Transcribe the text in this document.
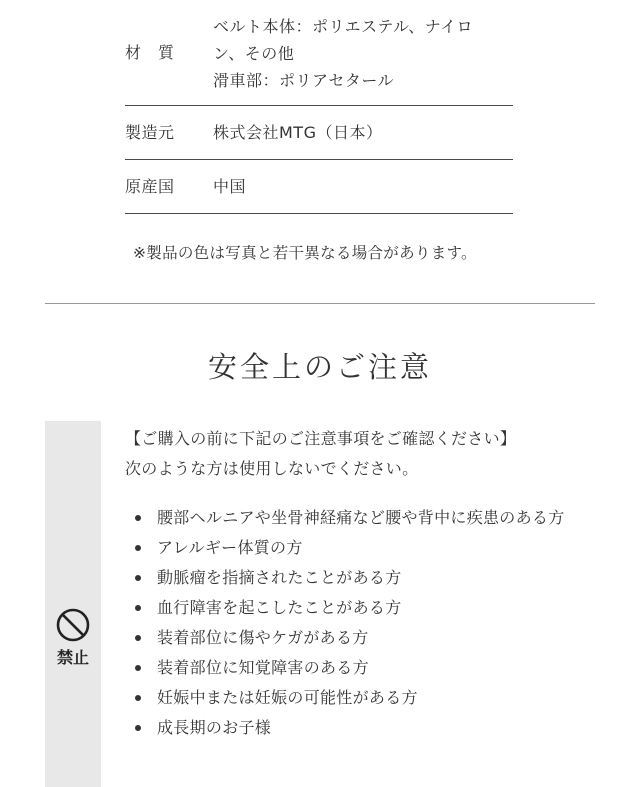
材　質
ベルト本体：ポリエステル、ナイロ
ン、その他
滑車部：ポリアセタール
製造元	株式会社MTG（日本）
原産国	中国
※製品の色は写真と若干異なる場合があります。
安全上のご注意
禁止
【ご購入の前に下記のご注意事項をご確認ください】
次のような方は使用しないでください。
腰部ヘルニアや坐骨神経痛など腰や背中に疾患のある方
アレルギー体質の方
動脈瘤を指摘されたことがある方
血行障害を起こしたことがある方
装着部位に傷やケガがある方
装着部位に知覚障害のある方
妊娠中または妊娠の可能性がある方
成長期のお子様
